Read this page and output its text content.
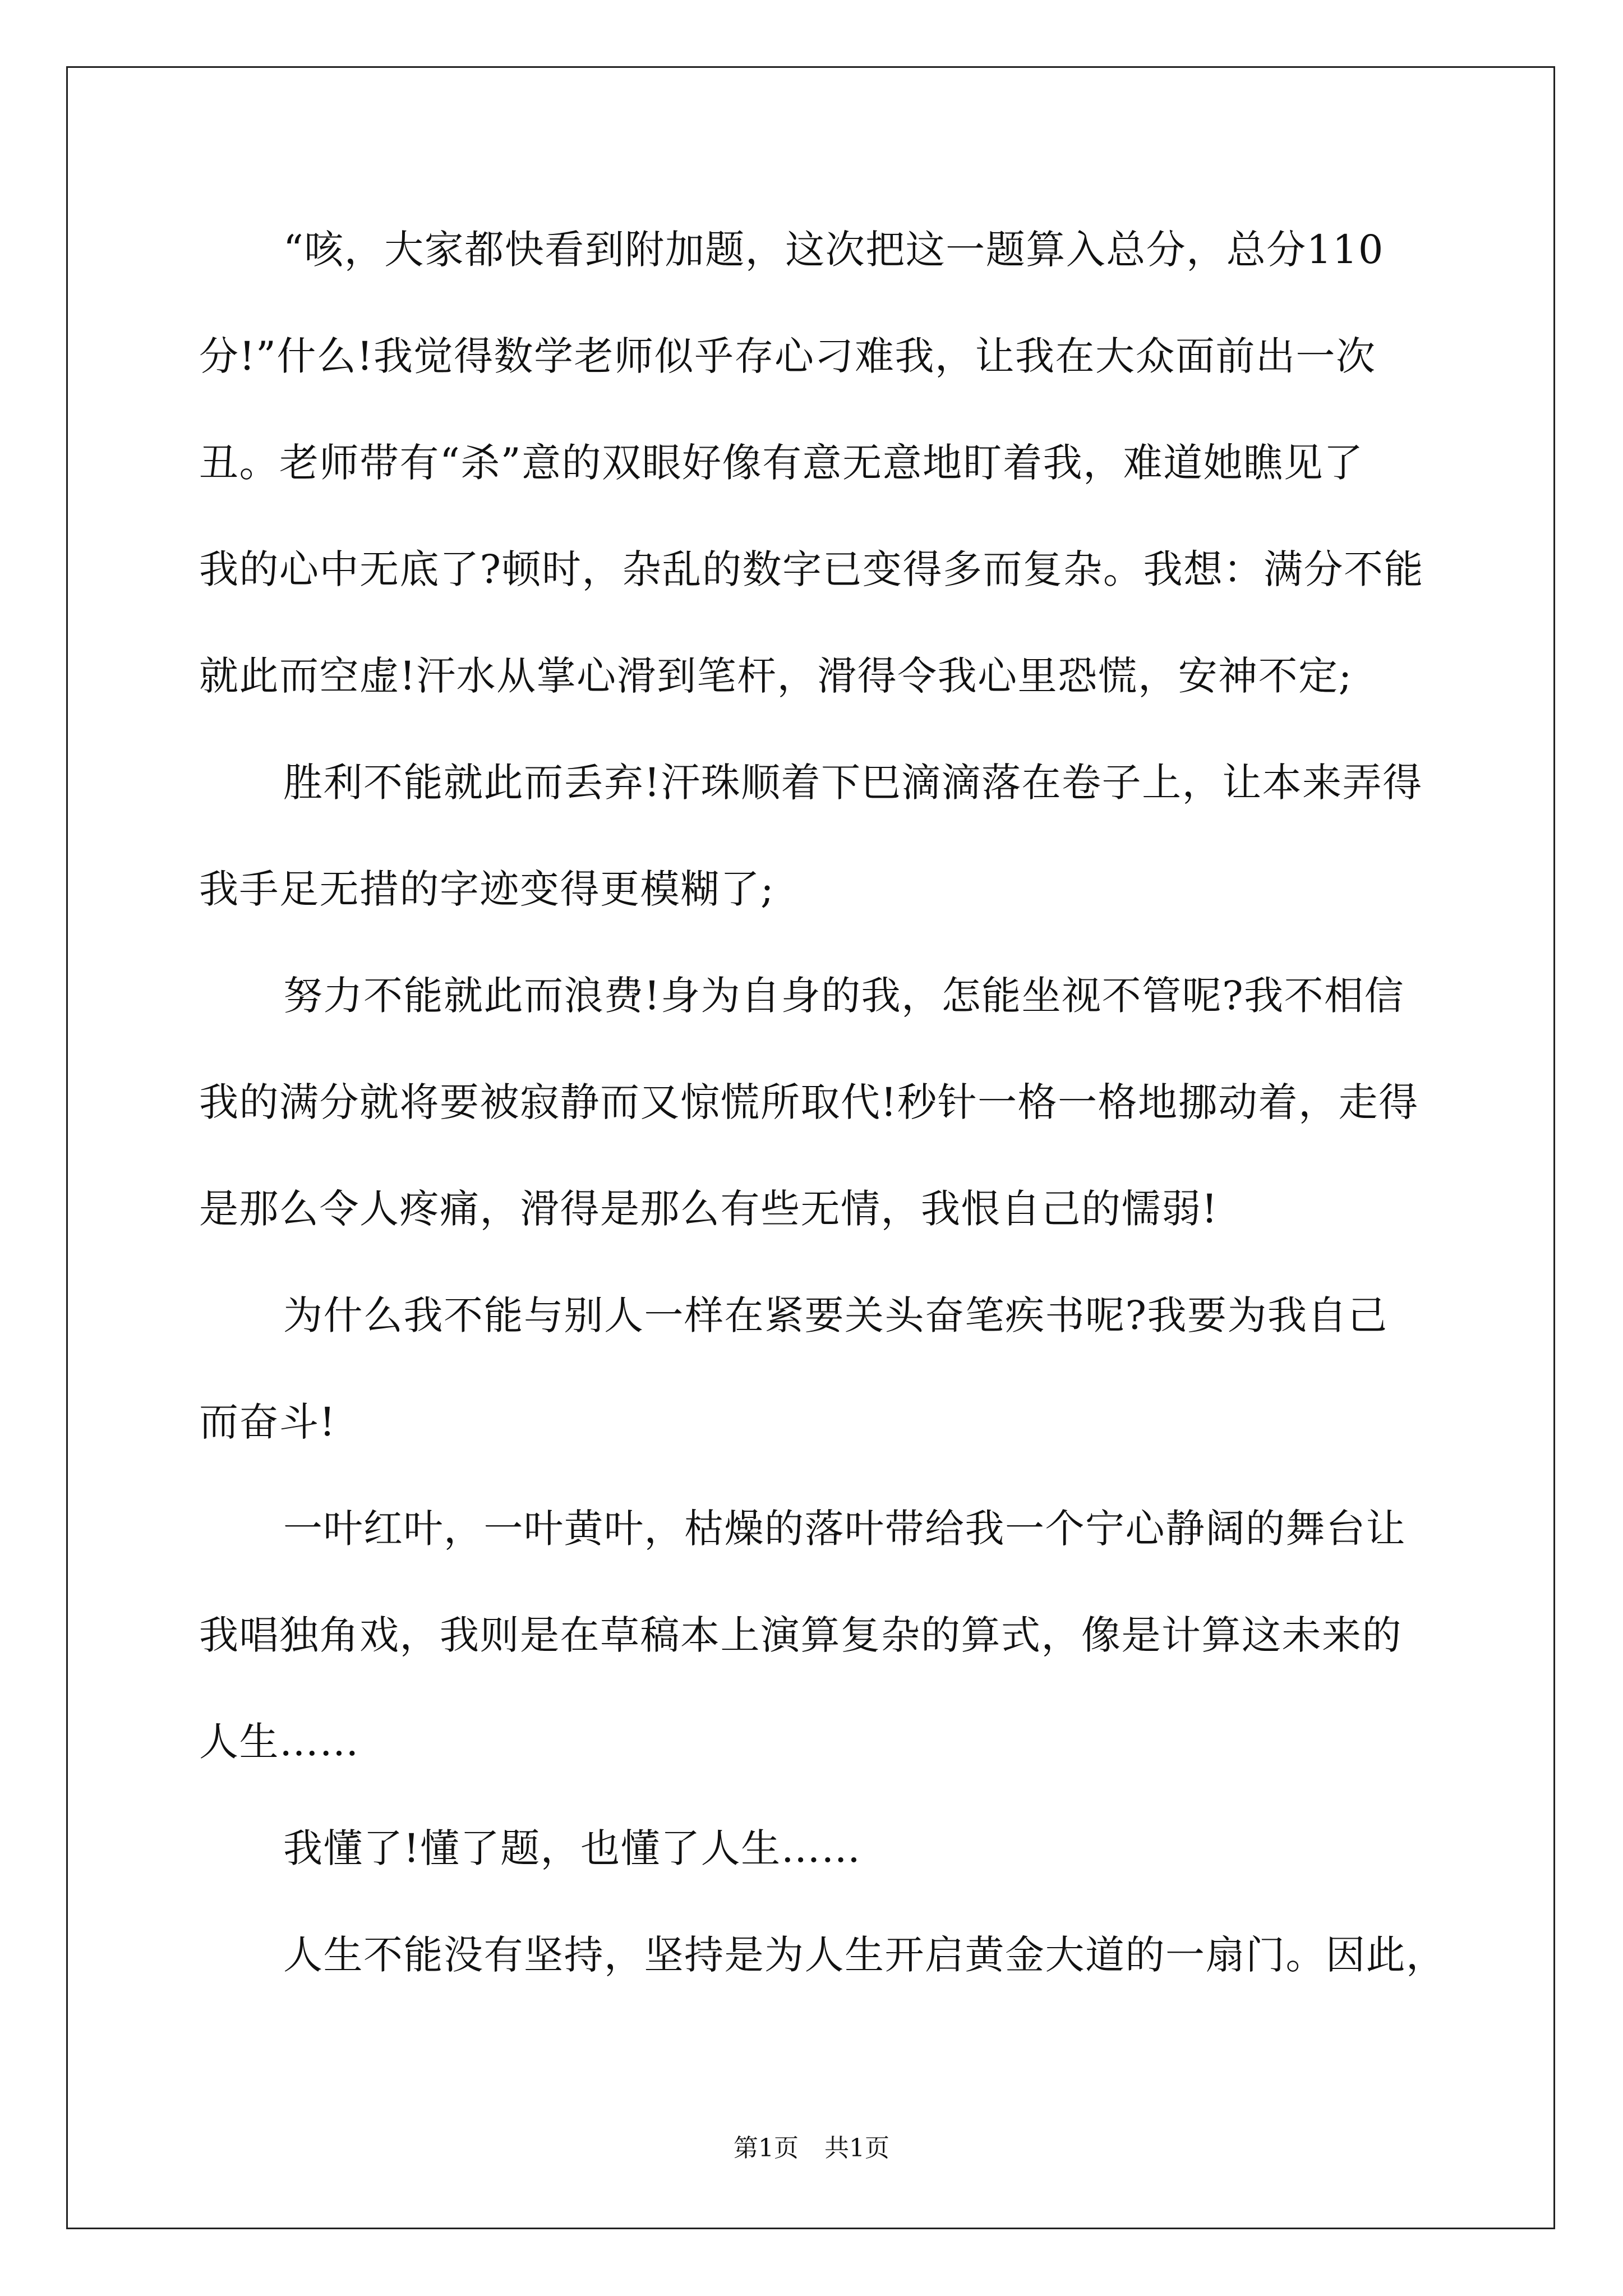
“咳，大家都快看到附加题，这次把这一题算入总分，总分110
分!”什么!我觉得数学老师似乎存心刁难我，让我在大众面前出一次
丑。老师带有“杀”意的双眼好像有意无意地盯着我，难道她瞧见了
我的心中无底了?顿时，杂乱的数字已变得多而复杂。我想：满分不能
就此而空虚!汗水从掌心滑到笔杆，滑得令我心里恐慌，安神不定;
胜利不能就此而丢弃!汗珠顺着下巴滴滴落在卷子上，让本来弄得
我手足无措的字迹变得更模糊了;
努力不能就此而浪费!身为自身的我，怎能坐视不管呢?我不相信
我的满分就将要被寂静而又惊慌所取代!秒针一格一格地挪动着，走得
是那么令人疼痛，滑得是那么有些无情，我恨自己的懦弱!
为什么我不能与别人一样在紧要关头奋笔疾书呢?我要为我自己
而奋斗!
一叶红叶，一叶黄叶，枯燥的落叶带给我一个宁心静阔的舞台让
我唱独角戏，我则是在草稿本上演算复杂的算式，像是计算这未来的
人生……
我懂了!懂了题，也懂了人生……
人生不能没有坚持，坚持是为人生开启黄金大道的一扇门。因此，
第1页 共1页
